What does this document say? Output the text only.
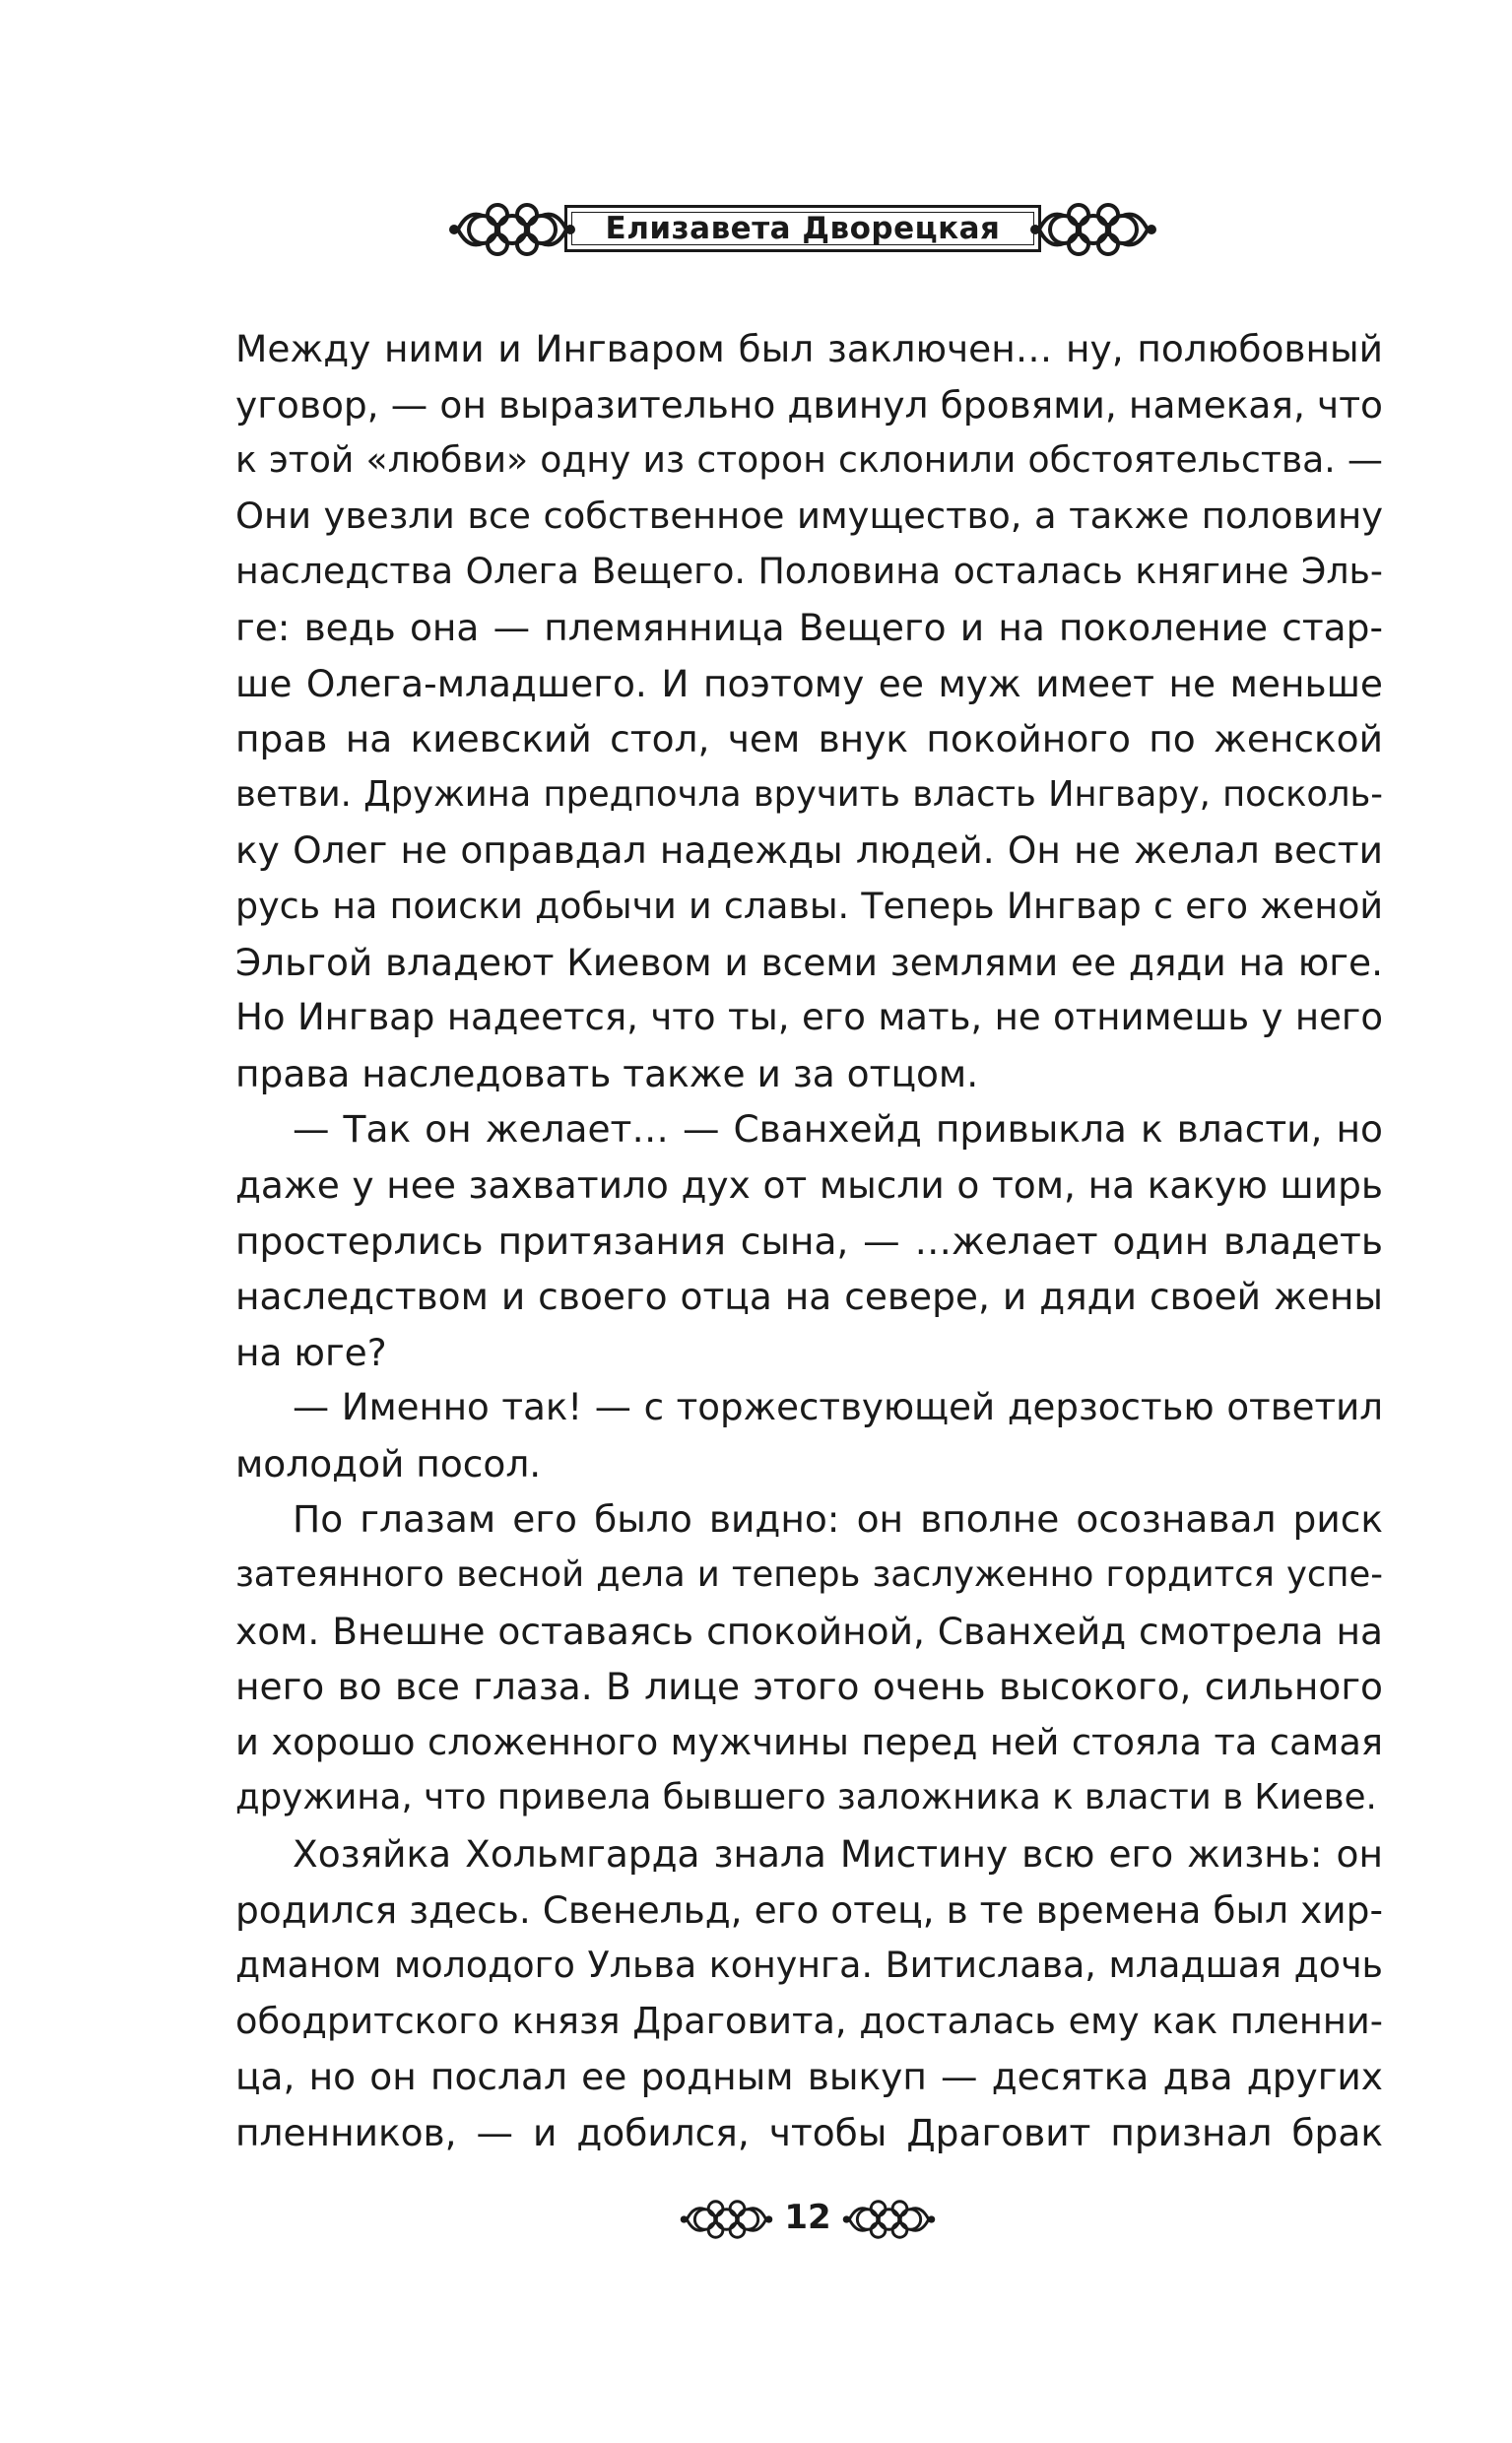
Елизавета Дворецкая
Между ними и Ингваром был заключен… ну, полюбовный
уговор, — он выразительно двинул бровями, намекая, что
к этой «любви» одну из сторон склонили обстоятельства. —
Они увезли все собственное имущество, а также половину
наследства Олега Вещего. Половина осталась княгине Эль-
ге: ведь она — племянница Вещего и на поколение стар-
ше Олега-младшего. И поэтому ее муж имеет не меньше
прав на киевский стол, чем внук покойного по женской
ветви. Дружина предпочла вручить власть Ингвару, посколь-
ку Олег не оправдал надежды людей. Он не желал вести
русь на поиски добычи и славы. Теперь Ингвар с его женой
Эльгой владеют Киевом и всеми землями ее дяди на юге.
Но Ингвар надеется, что ты, его мать, не отнимешь у него
права наследовать также и за отцом.
— Так он желает… — Сванхейд привыкла к власти, но
даже у нее захватило дух от мысли о том, на какую ширь
простерлись притязания сына, — …желает один владеть
наследством и своего отца на севере, и дяди своей жены
на юге?
— Именно так! — с торжествующей дерзостью ответил
молодой посол.
По глазам его было видно: он вполне осознавал риск
затеянного весной дела и теперь заслуженно гордится успе-
хом. Внешне оставаясь спокойной, Сванхейд смотрела на
него во все глаза. В лице этого очень высокого, сильного
и хорошо сложенного мужчины перед ней стояла та самая
дружина, что привела бывшего заложника к власти в Киеве.
Хозяйка Хольмгарда знала Мистину всю его жизнь: он
родился здесь. Свенельд, его отец, в те времена был хир-
дманом молодого Ульва конунга. Витислава, младшая дочь
ободритского князя Драговита, досталась ему как пленни-
ца, но он послал ее родным выкуп — десятка два других
пленников, — и добился, чтобы Драговит признал брак
12
